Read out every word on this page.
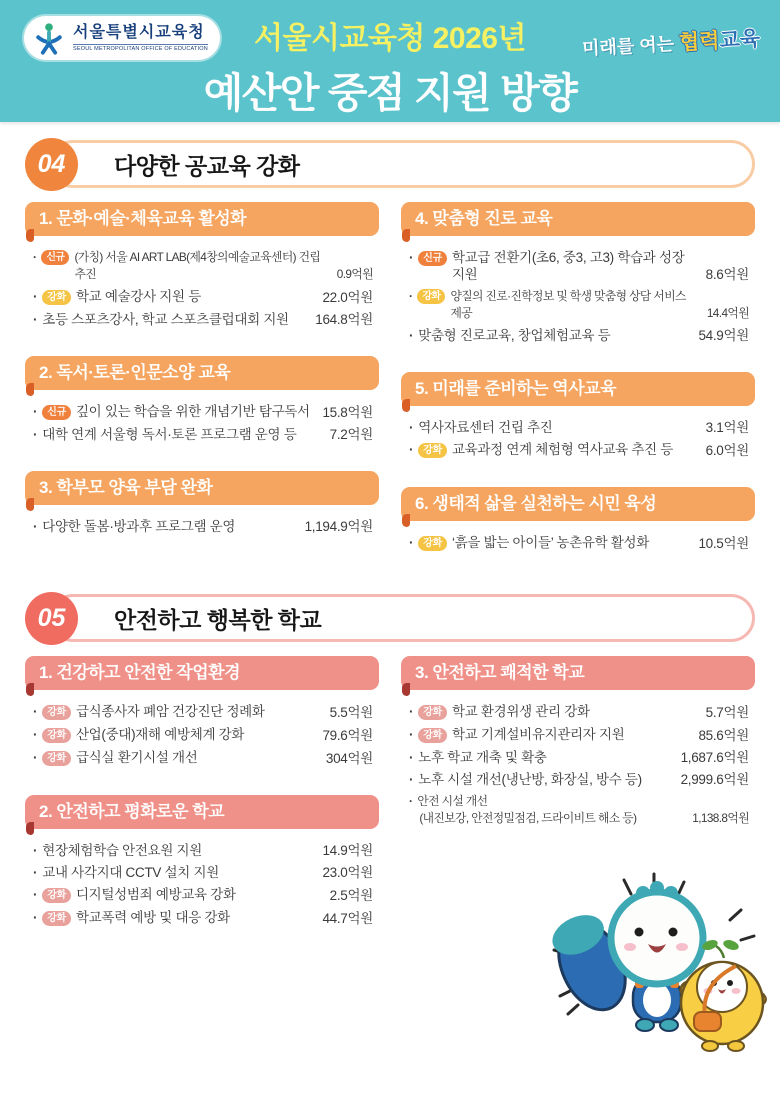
서울특별시교육청
SEOUL METROPOLITAN OFFICE OF EDUCATION	서울시교육청 2026년
예산안 중점 지원 방향
미래를 여는 협력교육
04	다양한 공교육 강화
1. 문화·예술·체육교육 활성화
·	신규 (가칭) 서울 AI ART LAB(제4창의예술교육센터) 건립 추진	0.9억원
·	강화 학교 예술강사 지원 등	22.0억원
· 초등 스포츠강사, 학교 스포츠클럽대회 지원	164.8억원
2. 독서·토론·인문소양 교육
·	신규 깊이 있는 학습을 위한 개념기반 탐구독서 15.8억원
· 대학 연계 서울형 독서·토론 프로그램 운영 등	7.2억원
3. 학부모 양육 부담 완화
· 다양한 돌봄·방과후 프로그램 운영	1,194.9억원
4. 맞춤형 진로 교육
·	신규 학교급 전환기(초6, 중3, 고3) 학습과 성장 지원	8.6억원
·	강화 양질의 진로·진학정보 및 학생 맞춤형 상담 서비스 제공	14.4억원
· 맞춤형 진로교육, 창업체험교육 등	54.9억원
5. 미래를 준비하는 역사교육
· 역사자료센터 건립 추진	3.1억원
·	강화 교육과정 연계 체험형 역사교육 추진 등	6.0억원
6. 생태적 삶을 실천하는 시민 육성
·	강화 ‘흙을 밟는 아이들’ 농촌유학 활성화	10.5억원
05	안전하고 행복한 학교
1. 건강하고 안전한 작업환경
·	강화 급식종사자 폐암 건강진단 정례화	5.5억원
·	강화 산업(중대)재해 예방체계 강화	79.6억원
·	강화 급식실 환기시설 개선	304억원
2. 안전하고 평화로운 학교
· 현장체험학습 안전요원 지원	14.9억원
· 교내 사각지대 CCTV 설치 지원	23.0억원
·	강화 디지털성범죄 예방교육 강화	2.5억원
·	강화 학교폭력 예방 및 대응 강화	44.7억원
3. 안전하고 쾌적한 학교
·	강화 학교 환경위생 관리 강화	5.7억원
·	강화 학교 기계설비유지관리자 지원	85.6억원
· 노후 학교 개축 및 확충	1,687.6억원
· 노후 시설 개선(냉난방, 화장실, 방수 등)	2,999.6억원
· 안전 시설 개선
(내진보강, 안전정밀점검, 드라이비트 해소 등)	1,138.8억원
